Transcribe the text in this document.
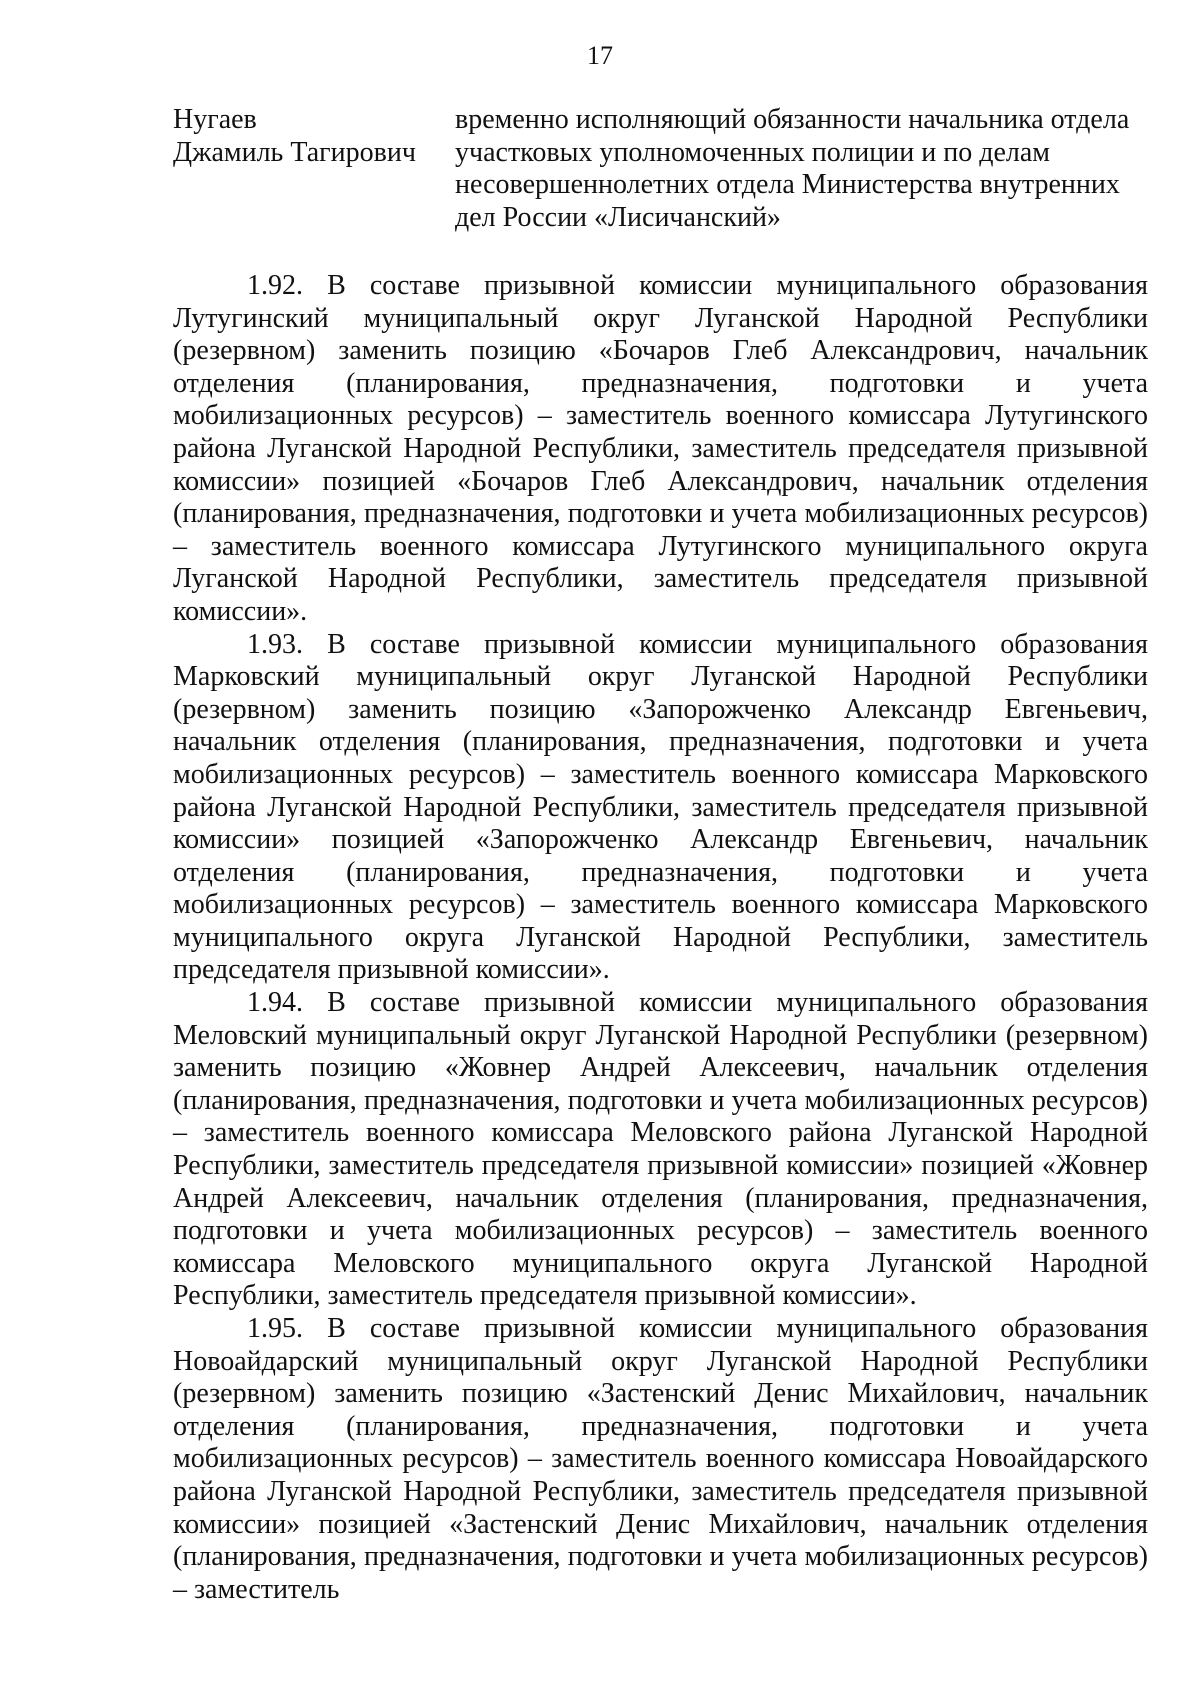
17
Нугаев
Джамиль Тагирович
временно исполняющий обязанности начальника отдела участковых уполномоченных полиции и по делам несовершеннолетних отдела Министерства внутренних дел России «Лисичанский»

1.92. В составе призывной комиссии муниципального образования Лутугинский муниципальный округ Луганской Народной Республики (резервном) заменить позицию «Бочаров Глеб Александрович, начальник отделения (планирования, предназначения, подготовки и учета мобилизационных ресурсов) – заместитель военного комиссара Лутугинского района Луганской Народной Республики, заместитель председателя призывной комиссии» позицией «Бочаров Глеб Александрович, начальник отделения (планирования, предназначения, подготовки и учета мобилизационных ресурсов) – заместитель военного комиссара Лутугинского муниципального округа Луганской Народной Республики, заместитель председателя призывной комиссии».

1.93. В составе призывной комиссии муниципального образования Марковский муниципальный округ Луганской Народной Республики (резервном) заменить позицию «Запорожченко Александр Евгеньевич, начальник отделения (планирования, предназначения, подготовки и учета мобилизационных ресурсов) – заместитель военного комиссара Марковского района Луганской Народной Республики, заместитель председателя призывной комиссии» позицией «Запорожченко Александр Евгеньевич, начальник отделения (планирования, предназначения, подготовки и учета мобилизационных ресурсов) – заместитель военного комиссара Марковского муниципального округа Луганской Народной Республики, заместитель председателя призывной комиссии».

1.94. В составе призывной комиссии муниципального образования Меловский муниципальный округ Луганской Народной Республики (резервном) заменить позицию «Жовнер Андрей Алексеевич, начальник отделения (планирования, предназначения, подготовки и учета мобилизационных ресурсов) – заместитель военного комиссара Меловского района Луганской Народной Республики, заместитель председателя призывной комиссии» позицией «Жовнер Андрей Алексеевич, начальник отделения (планирования, предназначения, подготовки и учета мобилизационных ресурсов) – заместитель военного комиссара Меловского муниципального округа Луганской Народной Республики, заместитель председателя призывной комиссии».

1.95. В составе призывной комиссии муниципального образования Новоайдарский муниципальный округ Луганской Народной Республики (резервном) заменить позицию «Застенский Денис Михайлович, начальник отделения (планирования, предназначения, подготовки и учета мобилизационных ресурсов) – заместитель военного комиссара Новоайдарского района Луганской Народной Республики, заместитель председателя призывной комиссии» позицией «Застенский Денис Михайлович, начальник отделения (планирования, предназначения, подготовки и учета мобилизационных ресурсов) – заместитель
